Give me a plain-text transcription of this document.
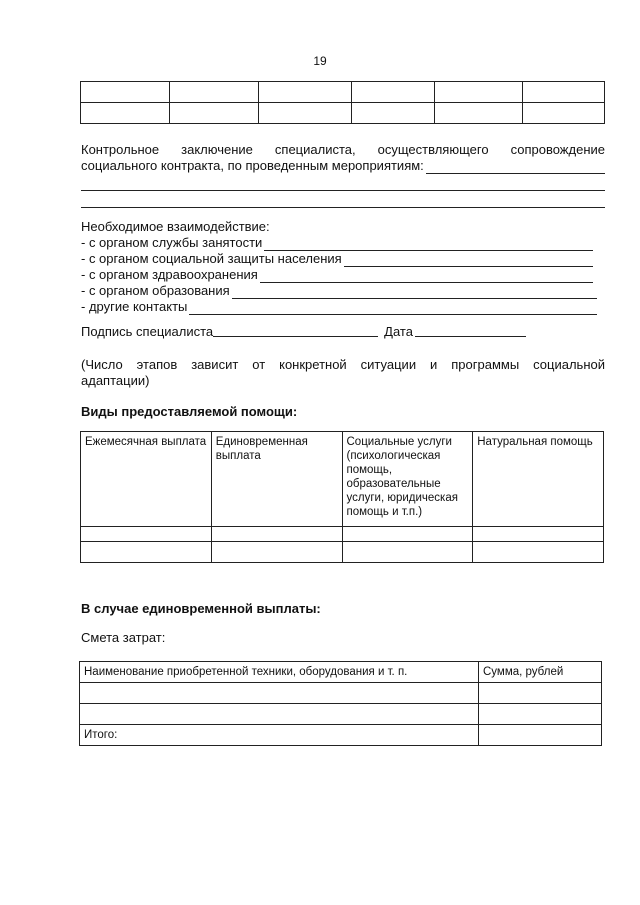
19

Контрольное заключение специалиста, осуществляющего сопровождение
социального контракта, по проведенным мероприятиям:
Необходимое взаимодействие:
- с органом службы занятости
- с органом социальной защиты населения
- с органом здравоохранения
- с органом образования
- другие контакты
Подпись специалиста	Дата
(Число этапов зависит от конкретной ситуации и программы социальной
адаптации)
Виды предоставляемой помощи:
Ежемесячная выплата	Единовременная выплата	Социальные услуги (психологическая помощь, образовательные услуги, юридическая помощь и т.п.)	Натуральная помощь

В случае единовременной выплаты:
Смета затрат:
Наименование приобретенной техники, оборудования и т. п.	Сумма, рублей

Итого:	
